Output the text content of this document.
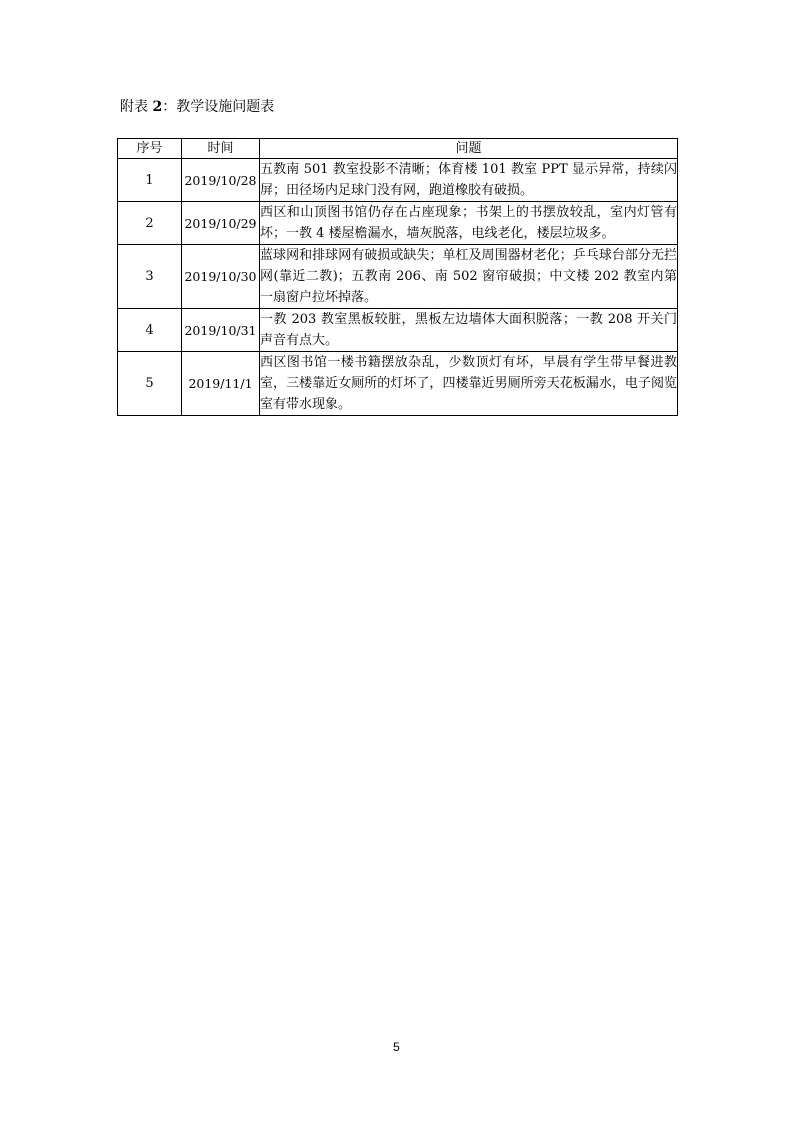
附表 2：教学设施问题表
序号	时间	问题
1	2019/10/28	五教南 501 教室投影不清晰；体育楼 101 教室 PPT 显示异常，持续闪屏；田径场内足球门没有网，跑道橡胶有破损。
2	2019/10/29	西区和山顶图书馆仍存在占座现象；书架上的书摆放较乱，室内灯管有坏；一教 4 楼屋檐漏水，墙灰脱落，电线老化，楼层垃圾多。
3	2019/10/30	蓝球网和排球网有破损或缺失；单杠及周围器材老化；乒乓球台部分无拦网(靠近二教)；五教南 206、南 502 窗帘破损；中文楼 202 教室内第一扇窗户拉坏掉落。
4	2019/10/31	一教 203 教室黑板较脏，黑板左边墙体大面积脱落；一教 208 开关门声音有点大。
5	2019/11/1	西区图书馆一楼书籍摆放杂乱，少数顶灯有坏，早晨有学生带早餐进教室，三楼靠近女厕所的灯坏了，四楼靠近男厕所旁天花板漏水，电子阅览室有带水现象。
5
